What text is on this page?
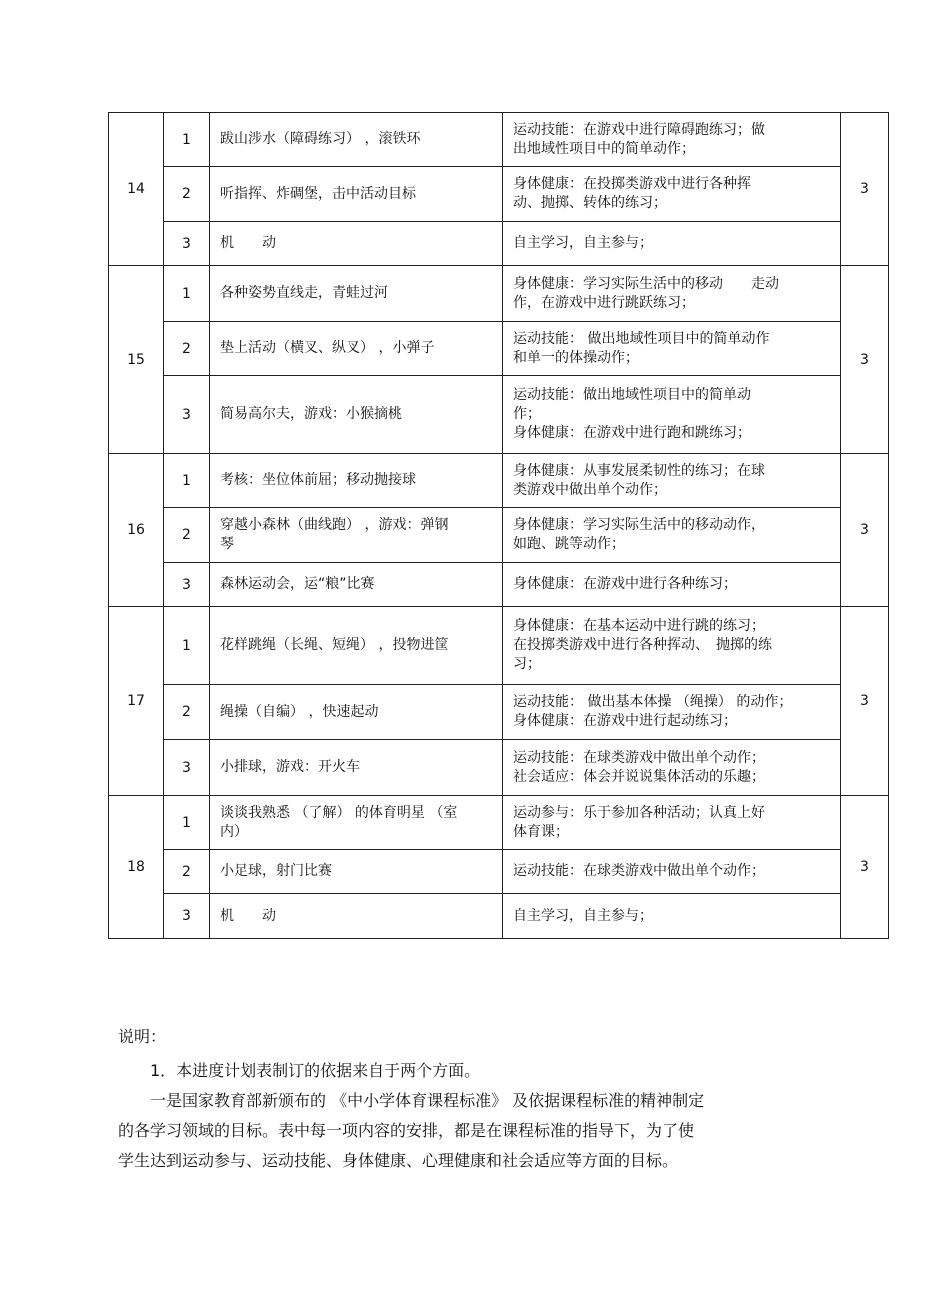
14	1	跋山涉水（障碍练习） ，滚铁环	运动技能：在游戏中进行障碍跑练习；做
出地域性项目中的简单动作；	3
	2	听指挥、炸碉堡，击中活动目标	身体健康：在投掷类游戏中进行各种挥
动、抛掷、转体的练习；	

	3	机　　动	自主学习，自主参与；	

15	1	各种姿势直线走，青蛙过河	身体健康：学习实际生活中的移动　　走动
作，在游戏中进行跳跃练习；	3
	2	垫上活动（横叉、纵叉） ，小弹子	运动技能： 做出地域性项目中的简单动作
和单一的体操动作；	

	3	简易高尔夫，游戏：小猴摘桃	运动技能：做出地域性项目中的简单动
作；
身体健康：在游戏中进行跑和跳练习；	

16	1	考核：坐位体前屈；移动抛接球	身体健康：从事发展柔韧性的练习；在球
类游戏中做出单个动作；	3
	2	穿越小森林（曲线跑） ，游戏：弹钢
琴	身体健康：学习实际生活中的移动动作，
如跑、跳等动作；	

	3	森林运动会，运“粮”比赛	身体健康：在游戏中进行各种练习；	

17	1	花样跳绳（长绳、短绳） ，投物进筐	身体健康：在基本运动中进行跳的练习；
在投掷类游戏中进行各种挥动、　抛掷的练
习；	3
	2	绳操（自编） ，快速起动	运动技能： 做出基本体操 （绳操） 的动作；
身体健康：在游戏中进行起动练习；	

	3	小排球，游戏：开火车	运动技能：在球类游戏中做出单个动作；
社会适应：体会并说说集体活动的乐趣；	

18	1	谈谈我熟悉 （了解） 的体育明星 （室
内）	运动参与：乐于参加各种活动；认真上好
体育课；	3
	2	小足球，射门比赛	运动技能：在球类游戏中做出单个动作；	

	3	机　　动	自主学习，自主参与；	

说明：

1．本进度计划表制订的依据来自于两个方面。

一是国家教育部新颁布的 《中小学体育课程标准》 及依据课程标准的精神制定

的各学习领域的目标。表中每一项内容的安排，都是在课程标准的指导下，为了使

学生达到运动参与、运动技能、身体健康、心理健康和社会适应等方面的目标。
